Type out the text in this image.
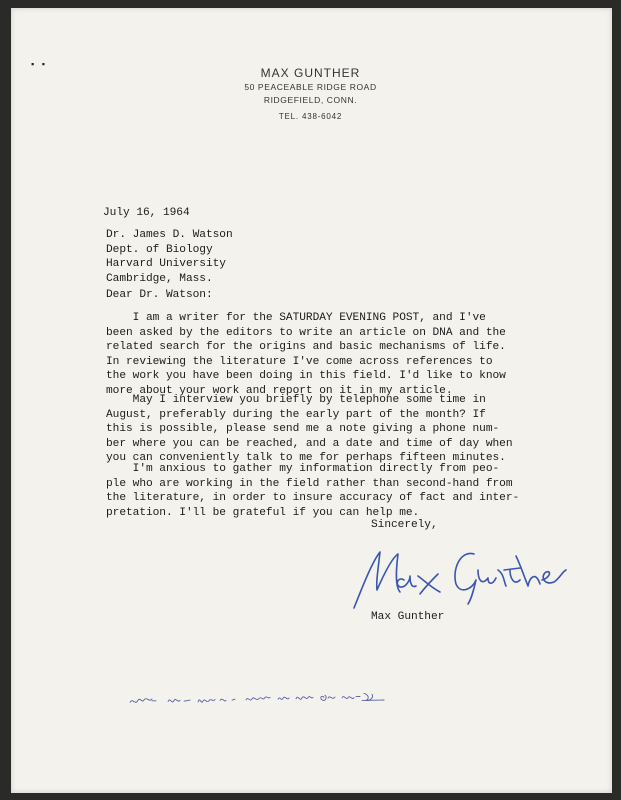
▪ ▪
MAX GUNTHER
50 PEACEABLE RIDGE ROAD
RIDGEFIELD, CONN.
TEL. 438-6042
July 16, 1964
Dr. James D. Watson
Dept. of Biology
Harvard University
Cambridge, Mass.
Dear Dr. Watson:
I am a writer for the SATURDAY EVENING POST, and I've
been asked by the editors to write an article on DNA and the
related search for the origins and basic mechanisms of life.
In reviewing the literature I've come across references to
the work you have been doing in this field. I'd like to know
more about your work and report on it in my article.
May I interview you briefly by telephone some time in
August, preferably during the early part of the month? If
this is possible, please send me a note giving a phone num-
ber where you can be reached, and a date and time of day when
you can conveniently talk to me for perhaps fifteen minutes.
I'm anxious to gather my information directly from peo-
ple who are working in the field rather than second-hand from
the literature, in order to insure accuracy of fact and inter-
pretation. I'll be grateful if you can help me.
Sincerely,
Max Gunther
